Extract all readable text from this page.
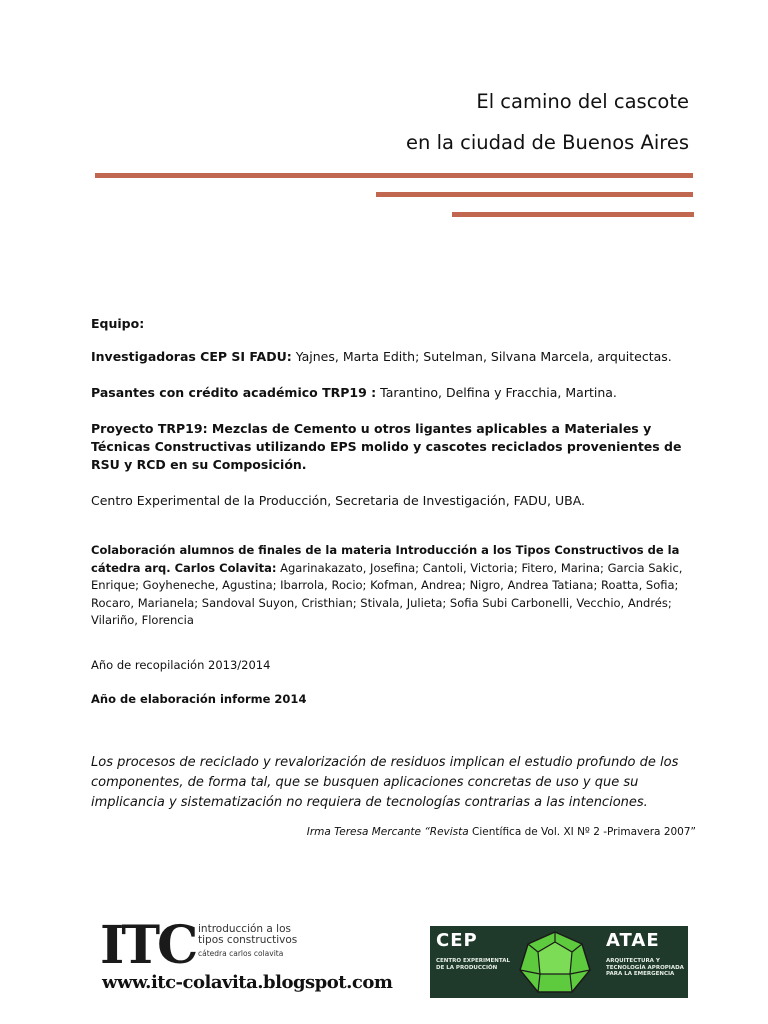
El camino del cascote
en la ciudad de Buenos Aires
Equipo:
Investigadoras CEP SI FADU: Yajnes, Marta Edith; Sutelman, Silvana Marcela, arquitectas.
Pasantes con crédito académico TRP19 : Tarantino, Delfina y Fracchia, Martina.
Proyecto TRP19: Mezclas de Cemento u otros ligantes aplicables a Materiales y Técnicas Constructivas utilizando EPS molido y cascotes reciclados provenientes de RSU y RCD en su Composición.
Centro Experimental de la Producción, Secretaria de Investigación, FADU, UBA.
Colaboración alumnos de finales de la materia Introducción a los Tipos Constructivos de la cátedra arq. Carlos Colavita: Agarinakazato, Josefina; Cantoli, Victoria; Fitero, Marina; Garcia Sakic, Enrique; Goyheneche, Agustina; Ibarrola, Rocio; Kofman, Andrea; Nigro, Andrea Tatiana; Roatta, Sofia; Rocaro, Marianela; Sandoval Suyon, Cristhian; Stivala, Julieta; Sofia Subi Carbonelli, Vecchio, Andrés; Vilariño, Florencia
Año de recopilación 2013/2014
Año de elaboración informe 2014
Los procesos de reciclado y revalorización de residuos implican el estudio profundo de los componentes, de forma tal, que se busquen aplicaciones concretas de uso y que su implicancia y sistematización no requiera de tecnologías contrarias a las intenciones.
Irma Teresa Mercante “Revista Científica de Vol. XI Nº 2 -Primavera 2007”
ITC introducción a los
tipos constructivos
cátedra carlos colavita
www.itc-colavita.blogspot.com
CEP
CENTRO EXPERIMENTAL DE LA PRODUCCIÓN
ATAE
ARQUITECTURA Y TECNOLOGÍA APROPIADA PARA LA EMERGENCIA
